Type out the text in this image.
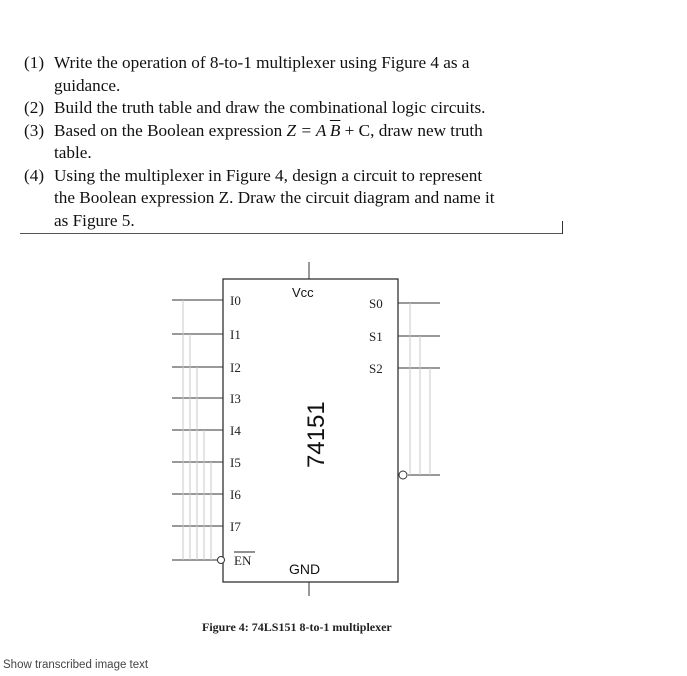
(1) Write the operation of 8-to-1 multiplexer using Figure 4 as a
guidance.
(2) Build the truth table and draw the combinational logic circuits.
(3) Based on the Boolean expression Z = A  $\overline{B} + C$, draw new truth
table.
(4) Using the multiplexer in Figure 4, design a circuit to represent
the Boolean expression Z. Draw the circuit diagram and name it
as Figure 5.
Vcc
GND
74151
I0
I1
I2
I3
I4
I5
I6
I7
EN
S0
S1
S2
Figure 4: 74LS151 8-to-1 multiplexer
Show transcribed image text
